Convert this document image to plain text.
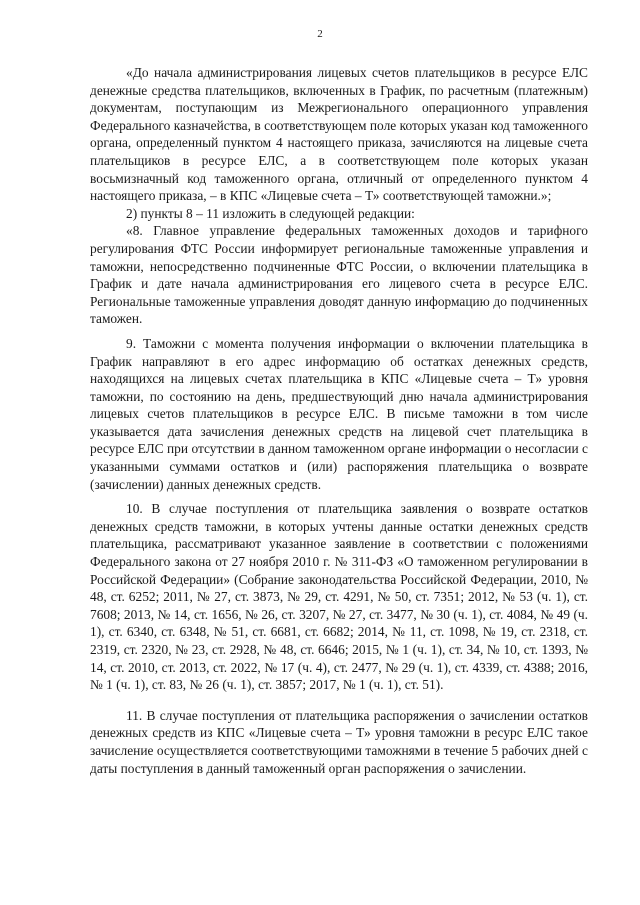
2

«До начала администрирования лицевых счетов плательщиков в ресурсе ЕЛС денежные средства плательщиков, включенных в График, по расчетным (платежным) документам, поступающим из Межрегионального операционного управления Федерального казначейства, в соответствующем поле которых указан код таможенного органа, определенный пунктом 4 настоящего приказа, зачисляются на лицевые счета плательщиков в ресурсе ЕЛС, а в соответствующем поле которых указан восьмизначный код таможенного органа, отличный от определенного пунктом 4 настоящего приказа, – в КПС «Лицевые счета – Т» соответствующей таможни.»;

2) пункты 8 – 11 изложить в следующей редакции:

«8. Главное управление федеральных таможенных доходов и тарифного регулирования ФТС России информирует региональные таможенные управления и таможни, непосредственно подчиненные ФТС России, о включении плательщика в График и дате начала администрирования его лицевого счета в ресурсе ЕЛС. Региональные таможенные управления доводят данную информацию до подчиненных таможен.

9. Таможни с момента получения информации о включении плательщика в График направляют в его адрес информацию об остатках денежных средств, находящихся на лицевых счетах плательщика в КПС «Лицевые счета – Т» уровня таможни, по состоянию на день, предшествующий дню начала администрирования лицевых счетов плательщиков в ресурсе ЕЛС. В письме таможни в том числе указывается дата зачисления денежных средств на лицевой счет плательщика в ресурсе ЕЛС при отсутствии в данном таможенном органе информации о несогласии с указанными суммами остатков и (или) распоряжения плательщика о возврате (зачислении) данных денежных средств.

10. В случае поступления от плательщика заявления о возврате остатков денежных средств таможни, в которых учтены данные остатки денежных средств плательщика, рассматривают указанное заявление в соответствии с положениями Федерального закона от 27 ноября 2010 г. № 311-ФЗ «О таможенном регулировании в Российской Федерации» (Собрание законодательства Российской Федерации, 2010, № 48, ст. 6252; 2011, № 27, ст. 3873, № 29, ст. 4291, № 50, ст. 7351; 2012, № 53 (ч. 1), ст. 7608; 2013, № 14, ст. 1656, № 26, ст. 3207, № 27, ст. 3477, № 30 (ч. 1), ст. 4084, № 49 (ч. 1), ст. 6340, ст. 6348, № 51, ст. 6681, ст. 6682; 2014, № 11, ст. 1098, № 19, ст. 2318, ст. 2319, ст. 2320, № 23, ст. 2928, № 48, ст. 6646; 2015, № 1 (ч. 1), ст. 34, № 10, ст. 1393, № 14, ст. 2010, ст. 2013, ст. 2022, № 17 (ч. 4), ст. 2477, № 29 (ч. 1), ст. 4339, ст. 4388; 2016, № 1 (ч. 1), ст. 83, № 26 (ч. 1), ст. 3857; 2017, № 1 (ч. 1), ст. 51).

11. В случае поступления от плательщика распоряжения о зачислении остатков денежных средств из КПС «Лицевые счета – Т» уровня таможни в ресурс ЕЛС такое зачисление осуществляется соответствующими таможнями в течение 5 рабочих дней с даты поступления в данный таможенный орган распоряжения о зачислении.
